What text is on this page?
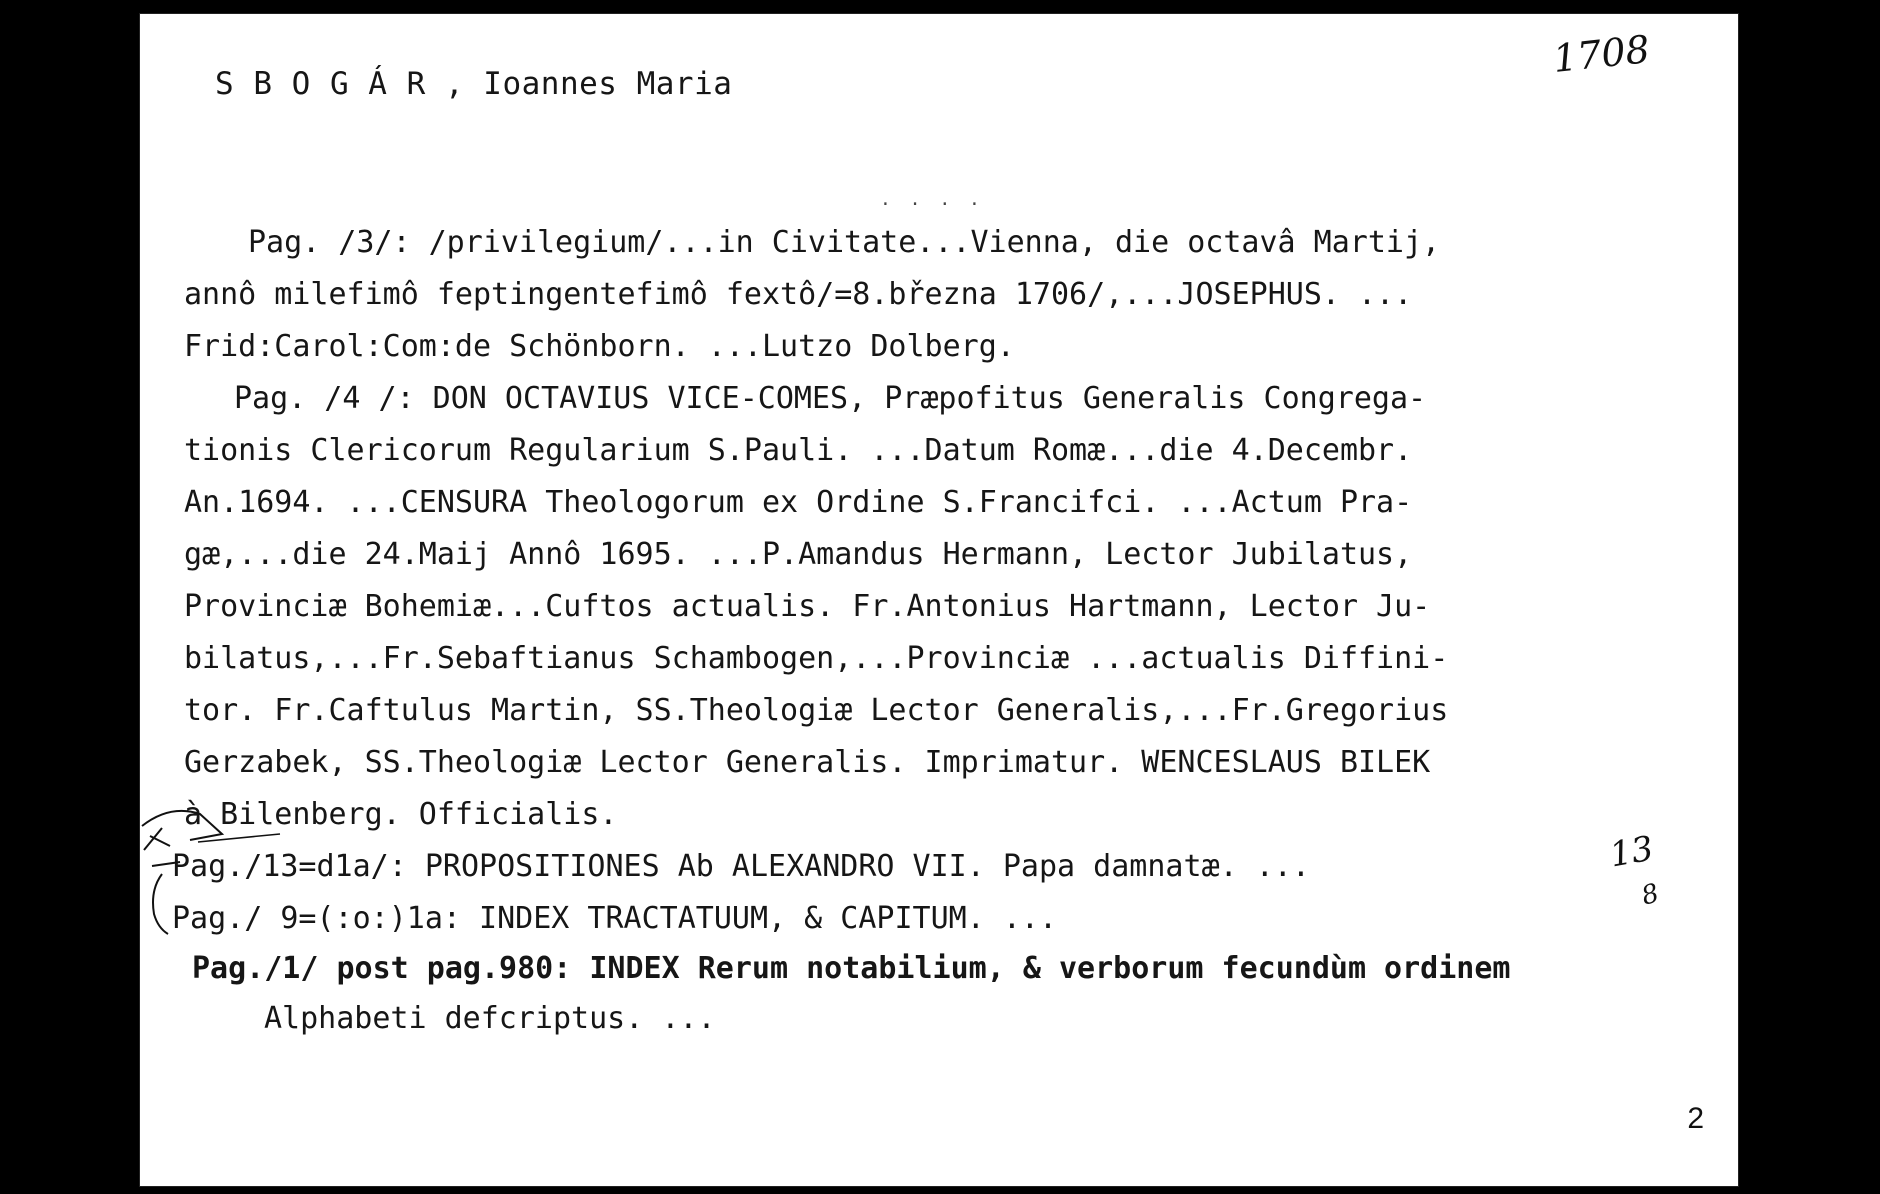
S B O G Á R , Ioannes Maria
1708
· · · ·
Pag. /3/: /privilegium/...in Civitate...Vienna, die octavâ Martij,
annô milefimô feptingentefimô fextô/=8.března 1706/,...JOSEPHUS. ...
Frid:Carol:Com:de Schönborn. ...Lutzo Dolberg.
Pag. /4 /: DON OCTAVIUS VICE-COMES, Præpofitus Generalis Congrega-
tionis Clericorum Regularium S.Pauli. ...Datum Romæ...die 4.Decembr.
An.1694. ...CENSURA Theologorum ex Ordine S.Francifci. ...Actum Pra-
gæ,...die 24.Maij Annô 1695. ...P.Amandus Hermann, Lector Jubilatus,
Provinciæ Bohemiæ...Cuftos actualis. Fr.Antonius Hartmann, Lector Ju-
bilatus,...Fr.Sebaftianus Schambogen,...Provinciæ ...actualis Diffini-
tor. Fr.Caftulus Martin, SS.Theologiæ Lector Generalis,...Fr.Gregorius
Gerzabek, SS.Theologiæ Lector Generalis. Imprimatur. WENCESLAUS BILEK
à Bilenberg. Officialis.
Pag./13=d1a/: PROPOSITIONES Ab ALEXANDRO VII. Papa damnatæ. ...
Pag./ 9=(:o:)1a: INDEX TRACTATUUM, & CAPITUM. ...
Pag./1/ post pag.980: INDEX Rerum notabilium, & verborum fecundùm ordinem
Alphabeti defcriptus. ...
13
8
2
